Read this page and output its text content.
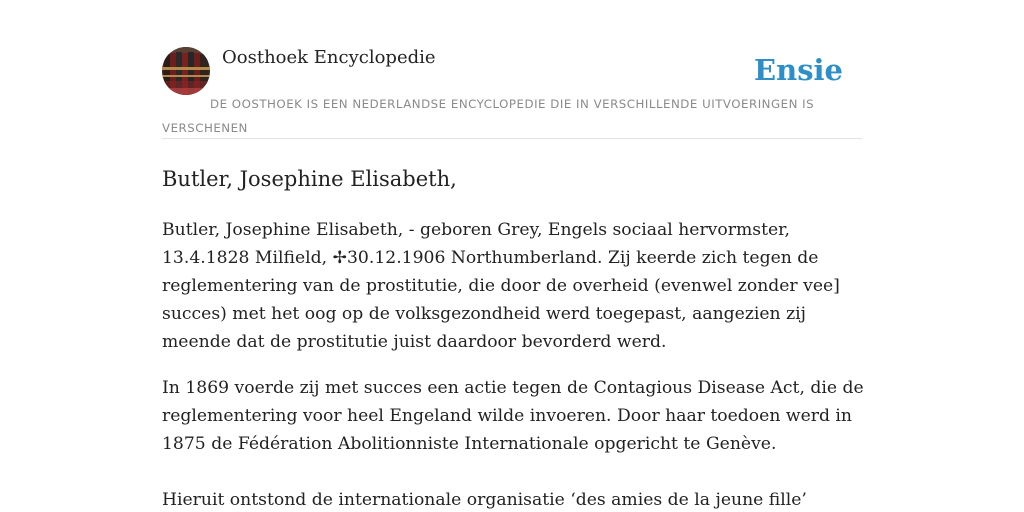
Oosthoek Encyclopedie	Ensie
DE OOSTHOEK IS EEN NEDERLANDSE ENCYCLOPEDIE DIE IN VERSCHILLENDE UITVOERINGEN IS VERSCHENEN
Butler, Josephine Elisabeth,

Butler, Josephine Elisabeth, - geboren Grey, Engels sociaal hervormster, 13.4.1828 Milfield, ✢30.12.1906 Northumberland. Zij keerde zich tegen de reglementering van de prostitutie, die door de overheid (evenwel zonder vee] succes) met het oog op de volksgezondheid werd toegepast, aangezien zij meende dat de prostitutie juist daardoor bevorderd werd.

In 1869 voerde zij met succes een actie tegen de Contagious Disease Act, die de reglementering voor heel Engeland wilde invoeren. Door haar toedoen werd in 1875 de Fédération Abolitionniste Internationale opgericht te Genève.

Hieruit ontstond de internationale organisatie ‘des amies de la jeune fille’
